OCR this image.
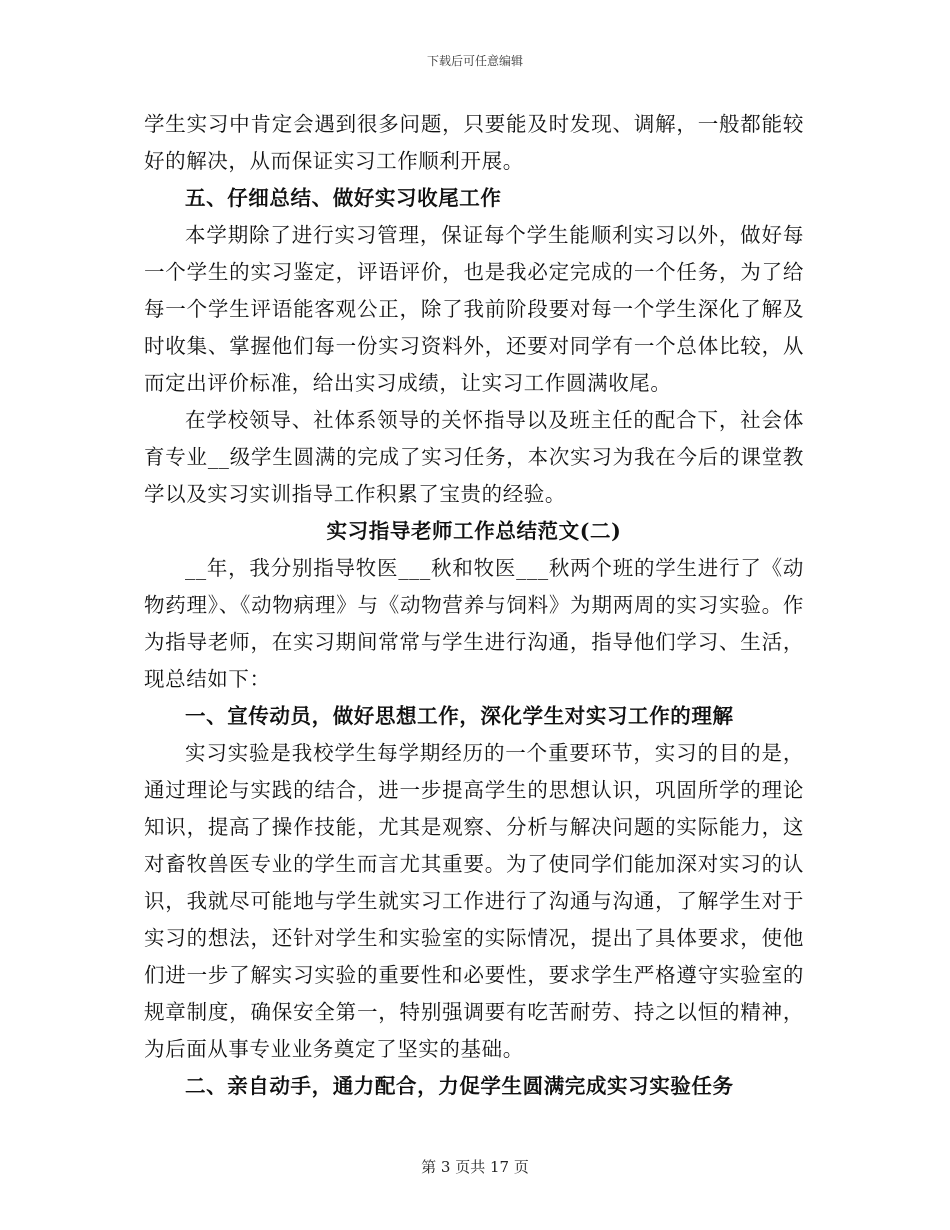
下载后可任意编辑

学生实习中肯定会遇到很多问题，只要能及时发现、调解，一般都能较好的解决，从而保证实习工作顺利开展。

五、仔细总结、做好实习收尾工作

本学期除了进行实习管理，保证每个学生能顺利实习以外，做好每一个学生的实习鉴定，评语评价，也是我必定完成的一个任务，为了给每一个学生评语能客观公正，除了我前阶段要对每一个学生深化了解及时收集、掌握他们每一份实习资料外，还要对同学有一个总体比较，从而定出评价标准，给出实习成绩，让实习工作圆满收尾。

在学校领导、社体系领导的关怀指导以及班主任的配合下，社会体育专业__级学生圆满的完成了实习任务，本次实习为我在今后的课堂教学以及实习实训指导工作积累了宝贵的经验。

实习指导老师工作总结范文(二)

__年，我分别指导牧医___秋和牧医___秋两个班的学生进行了《动物药理》、《动物病理》与《动物营养与饲料》为期两周的实习实验。作为指导老师，在实习期间常常与学生进行沟通，指导他们学习、生活，现总结如下：

一、宣传动员，做好思想工作，深化学生对实习工作的理解

实习实验是我校学生每学期经历的一个重要环节，实习的目的是，通过理论与实践的结合，进一步提高学生的思想认识，巩固所学的理论知识，提高了操作技能，尤其是观察、分析与解决问题的实际能力，这对畜牧兽医专业的学生而言尤其重要。为了使同学们能加深对实习的认识，我就尽可能地与学生就实习工作进行了沟通与沟通，了解学生对于实习的想法，还针对学生和实验室的实际情况，提出了具体要求，使他们进一步了解实习实验的重要性和必要性，要求学生严格遵守实验室的规章制度，确保安全第一，特别强调要有吃苦耐劳、持之以恒的精神，为后面从事专业业务奠定了坚实的基础。

二、亲自动手，通力配合，力促学生圆满完成实习实验任务

第 3 页共 17 页
